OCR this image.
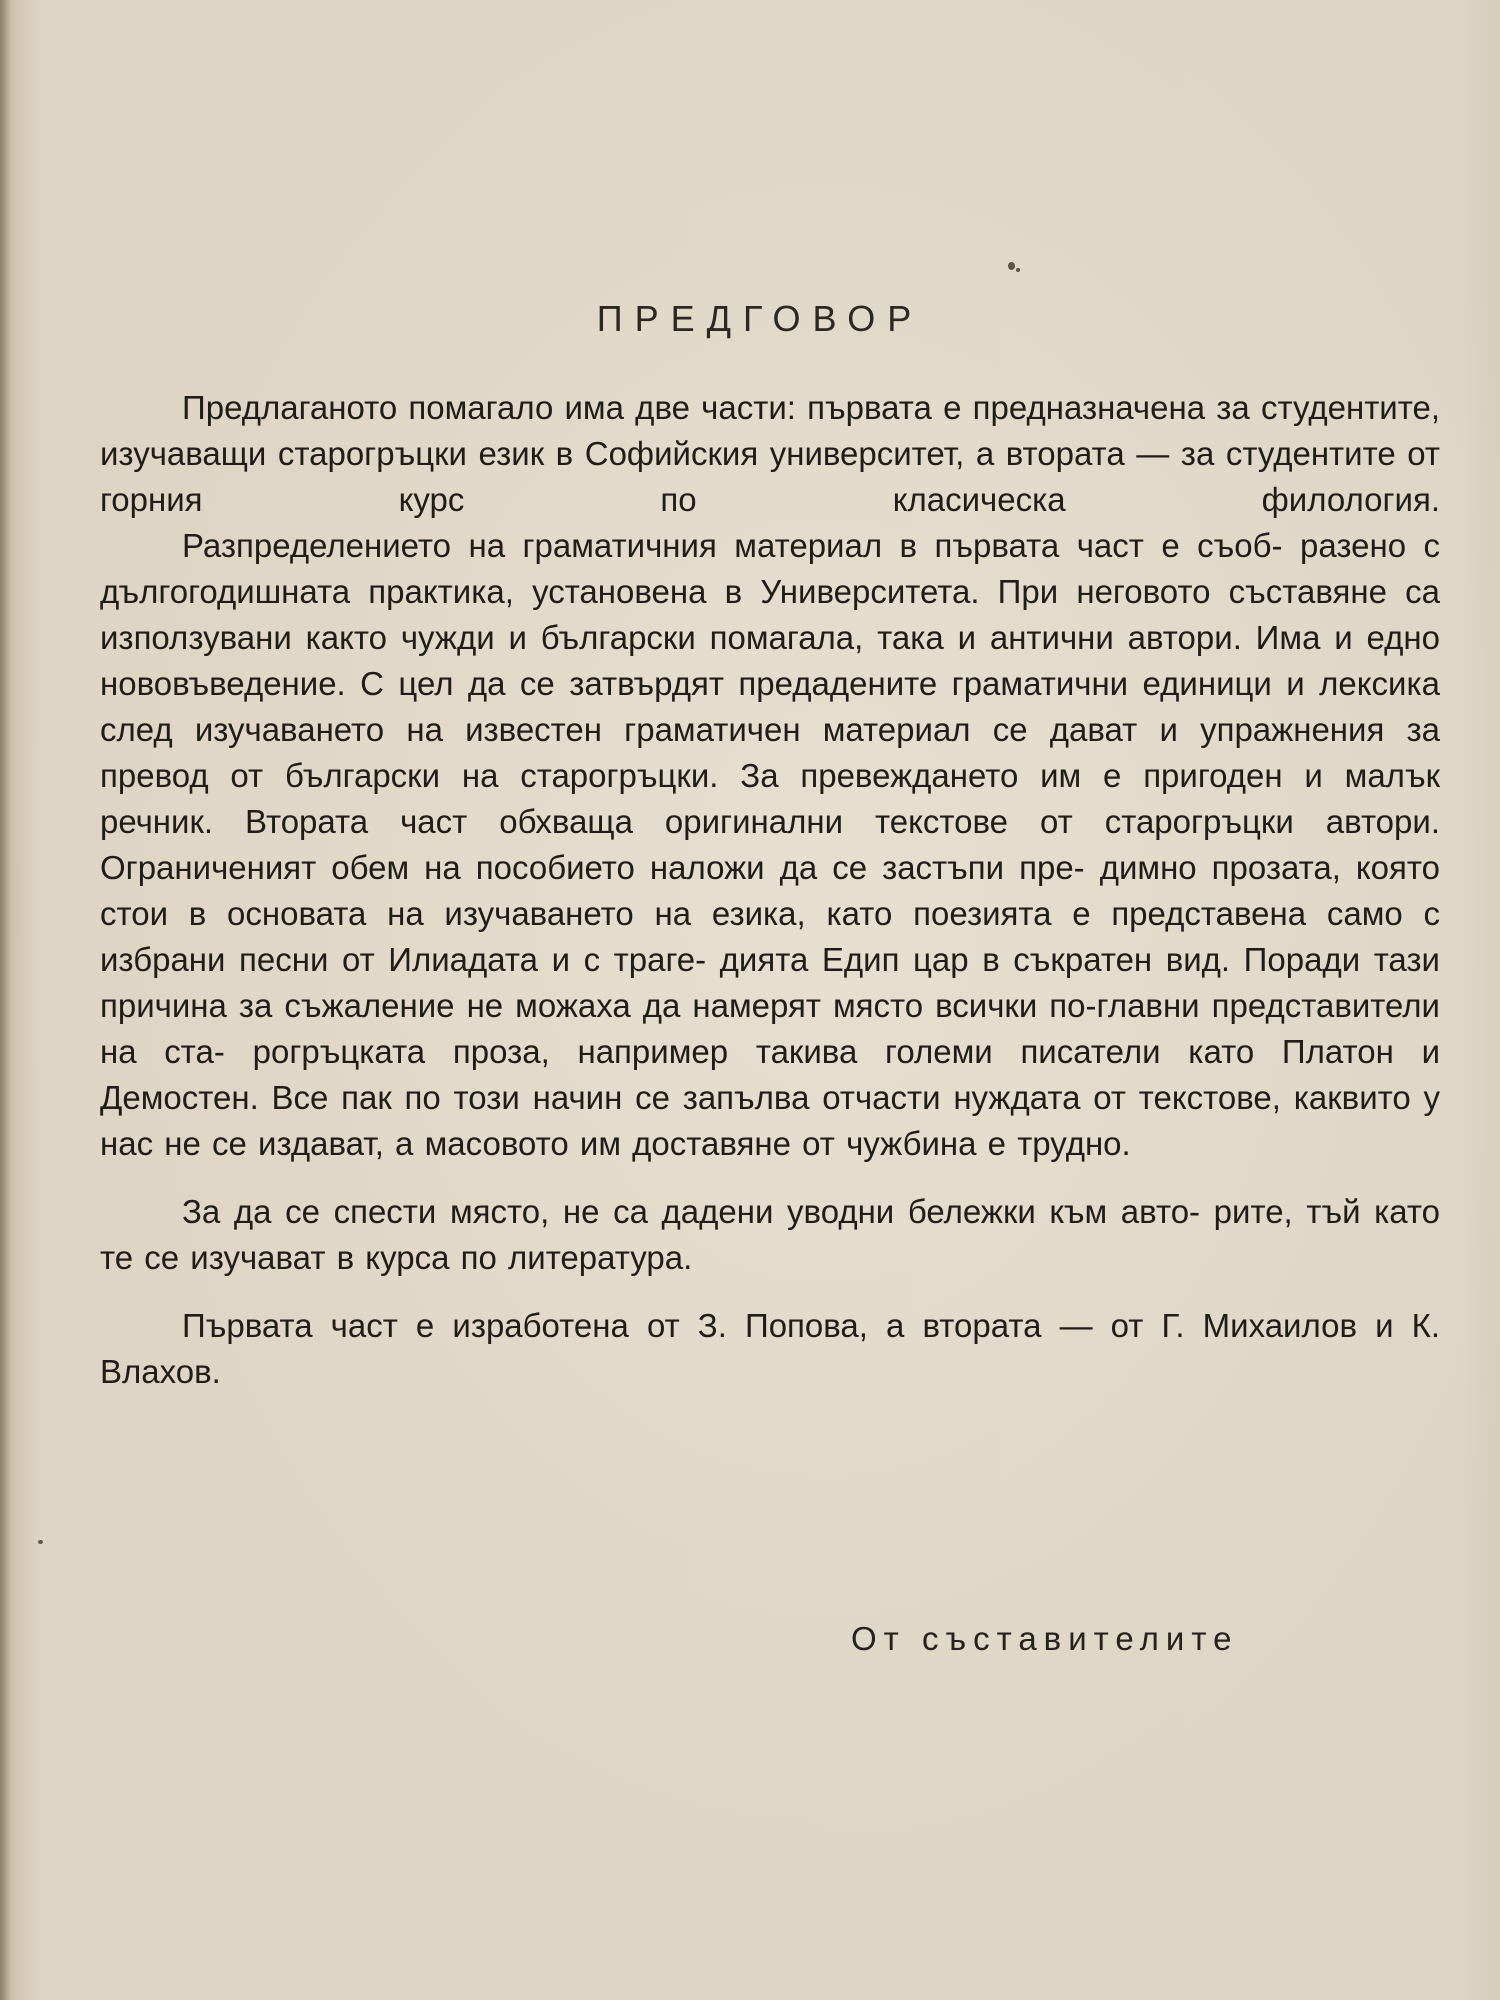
ПРЕДГОВОР

Предлаганото помагало има две части: първата е предназначена за студентите, изучаващи старогръцки език в Софийския университет, а втората — за студентите от горния курс по класическа филология.

Разпределението на граматичния материал в първата част е съоб- разено с дългогодишната практика, установена в Университета. При неговото съставяне са използувани както чужди и български помагала, така и антични автори. Има и едно нововъведение. С цел да се затвърдят предадените граматични единици и лексика след изучаването на известен граматичен материал се дават и упражнения за превод от български на старогръцки. За превеждането им е пригоден и малък речник. Втората част обхваща оригинални текстове от старогръцки автори. Ограниченият обем на пособието наложи да се застъпи пре- димно прозата, която стои в основата на изучаването на езика, като поезията е представена само с избрани песни от Илиадата и с траге- дията Едип цар в съкратен вид. Поради тази причина за съжаление не можаха да намерят място всички по-главни представители на ста- рогръцката проза, например такива големи писатели като Платон и Демостен. Все пак по този начин се запълва отчасти нуждата от текстове, каквито у нас не се издават, а масовото им доставяне от чужбина е трудно.

За да се спести място, не са дадени уводни бележки към авто- рите, тъй като те се изучават в курса по литература.

Първата част е изработена от З. Попова, а втората — от Г. Михаилов и К. Влахов.

От съставителите
